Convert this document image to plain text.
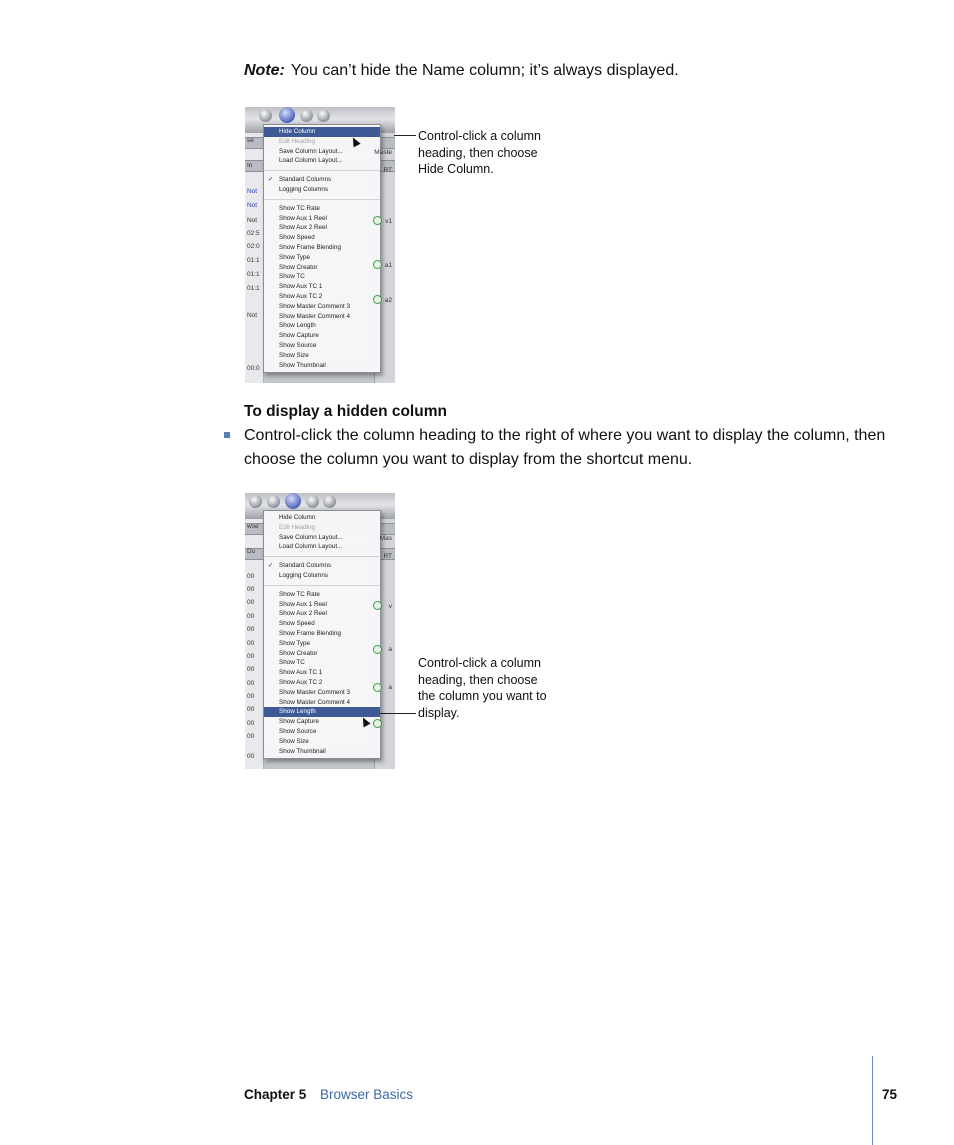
Note: You can’t hide the Name column; it’s always displayed.
Hide Column
Edit Heading
Save Column Layout...
Load Column Layout...
✓ Standard Columns
Logging Columns
Show TC Rate
Show Aux 1 Reel
Show Aux 2 Reel
Show Speed
Show Frame Blending
Show Type
Show Creator
Show TC
Show Aux TC 1
Show Aux TC 2
Show Master Comment 3
Show Master Comment 4
Show Length
Show Capture
Show Source
Show Size
Show Thumbnail
se
In
Not
Not
Not
02:5
02:0
01:1
01:1
01:1
Not
00:0
Maste
RT
v1
a1
a2
Control-click a column heading, then choose Hide Column.
To display a hidden column
Control-click the column heading to the right of where you want to display the column, then choose the column you want to display from the shortcut menu.
Hide Column
Edit Heading
Save Column Layout...
Load Column Layout...
✓ Standard Columns
Logging Columns
Show TC Rate
Show Aux 1 Reel
Show Aux 2 Reel
Show Speed
Show Frame Blending
Show Type
Show Creator
Show TC
Show Aux TC 1
Show Aux TC 2
Show Master Comment 3
Show Master Comment 4
Show Length
Show Capture
Show Source
Show Size
Show Thumbnail
wse
Du
00
00
00
00
00
00
00
00
00
00
00
00
00
00
Mas
RT
v
a
a
Control-click a column heading, then choose the column you want to display.
Chapter 5 Browser Basics	75
